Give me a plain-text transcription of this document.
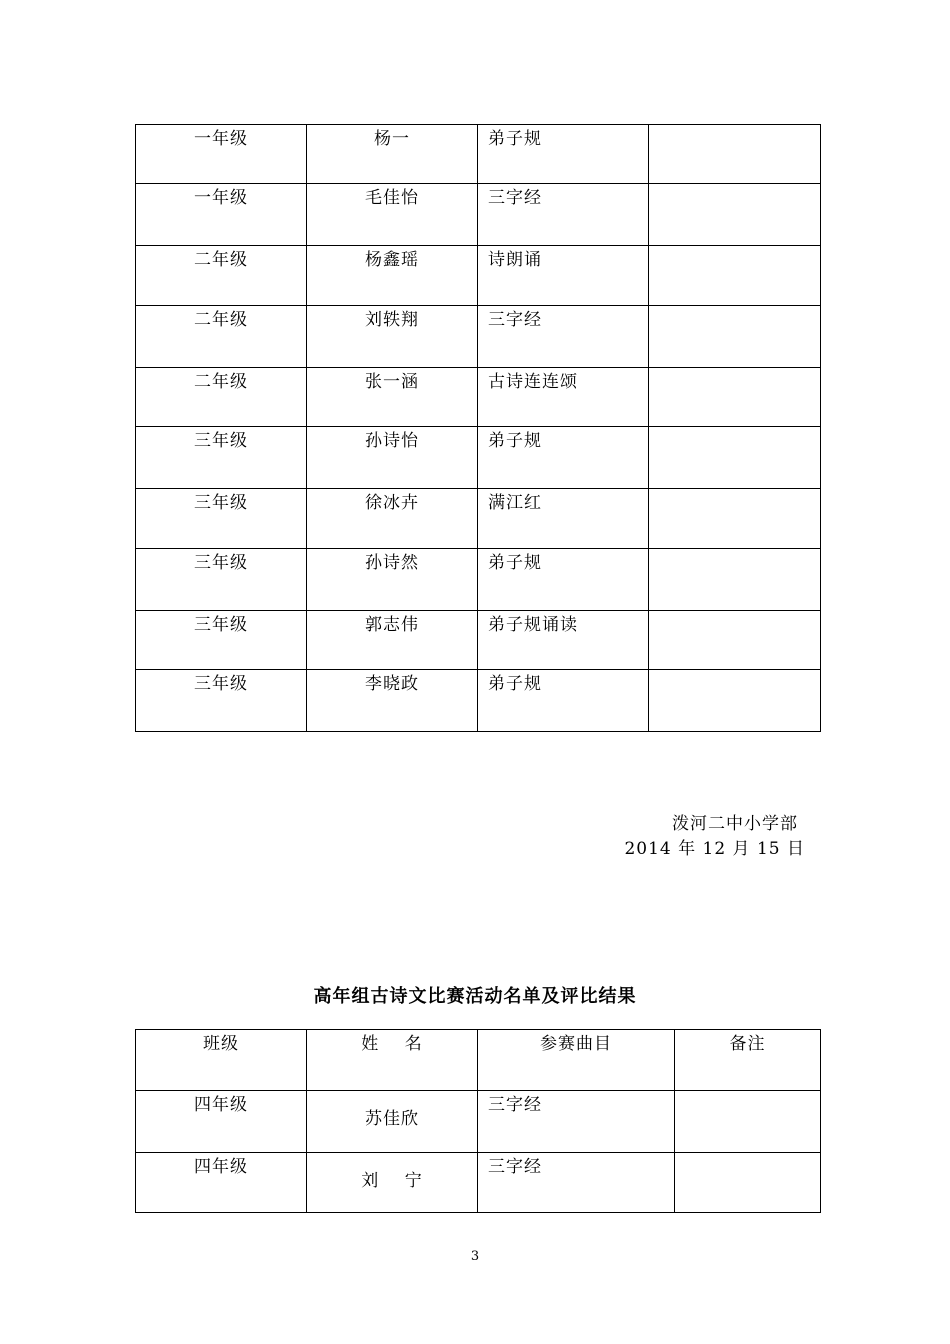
一年级	杨一	弟子规	
一年级	毛佳怡	三字经	
二年级	杨鑫瑶	诗朗诵	
二年级	刘轶翔	三字经	
二年级	张一涵	古诗连连颂	
三年级	孙诗怡	弟子规	
三年级	徐冰卉	满江红	
三年级	孙诗然	弟子规	
三年级	郭志伟	弟子规诵读	
三年级	李晓政	弟子规	
泼河二中小学部
2014 年 12 月 15 日
高年组古诗文比赛活动名单及评比结果
班级	姓    名	参赛曲目	备注
四年级	苏佳欣	三字经	
四年级	刘    宁	三字经	
3
